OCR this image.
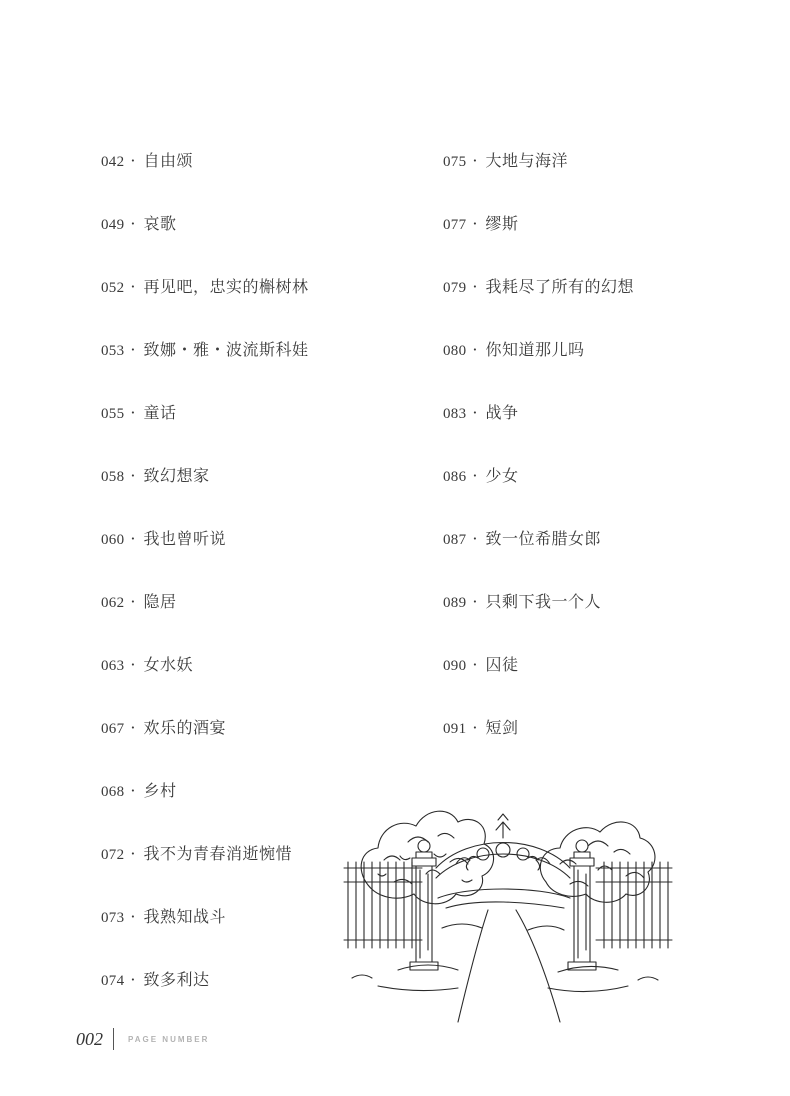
042 · 自由颂
049 · 哀歌
052 · 再见吧，忠实的槲树林
053 · 致娜・雅・波流斯科娃
055 · 童话
058 · 致幻想家
060 · 我也曾听说
062 · 隐居
063 · 女水妖
067 · 欢乐的酒宴
068 · 乡村
072 · 我不为青春消逝惋惜
073 · 我熟知战斗
074 · 致多利达
075 · 大地与海洋
077 · 缪斯
079 · 我耗尽了所有的幻想
080 · 你知道那儿吗
083 · 战争
086 · 少女
087 · 致一位希腊女郎
089 · 只剩下我一个人
090 · 囚徒
091 · 短剑
002	PAGE NUMBER
